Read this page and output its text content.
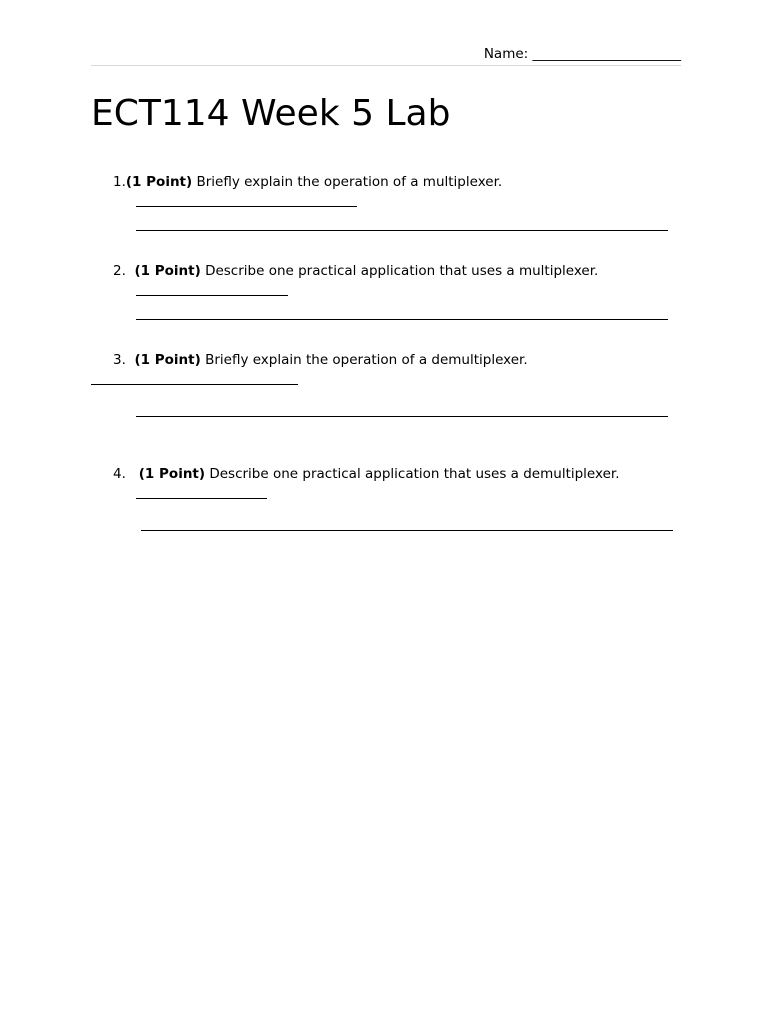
Name: ______________________
ECT114 Week 5 Lab
1.(1 Point) Briefly explain the operation of a multiplexer.
2. (1 Point) Describe one practical application that uses a multiplexer.
3. (1 Point) Briefly explain the operation of a demultiplexer.
4. (1 Point) Describe one practical application that uses a demultiplexer.
